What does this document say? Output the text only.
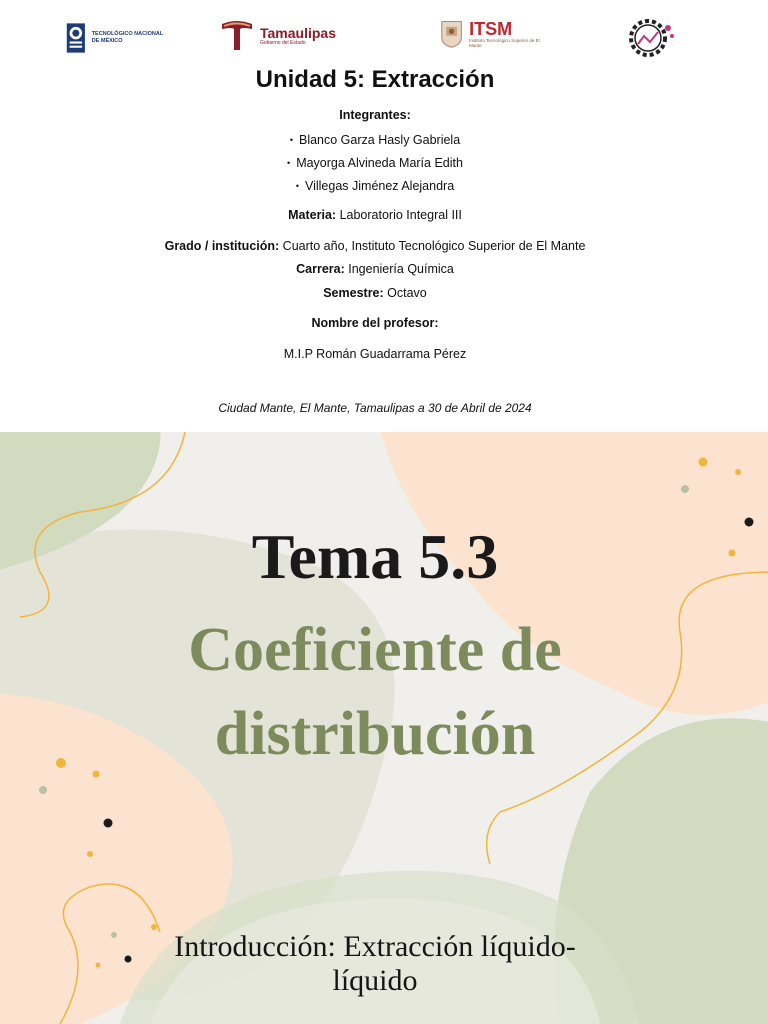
TECNOLÓGICO NACIONAL DE MÉXICO
Tamaulipas
Gobierno del Estado
ITSM
Instituto Tecnológico Superior de El Mante
Unidad 5: Extracción
Integrantes:
• Blanco Garza Hasly Gabriela
• Mayorga Alvineda María Edith
• Villegas Jiménez Alejandra
Materia: Laboratorio Integral III
Grado / institución: Cuarto año, Instituto Tecnológico Superior de El Mante
Carrera: Ingeniería Química
Semestre: Octavo
Nombre del profesor:
M.I.P Román Guadarrama Pérez
Ciudad Mante, El Mante, Tamaulipas a 30 de Abril de 2024
Tema 5.3
Coeficiente de
distribución
Introducción: Extracción líquido-
líquido
